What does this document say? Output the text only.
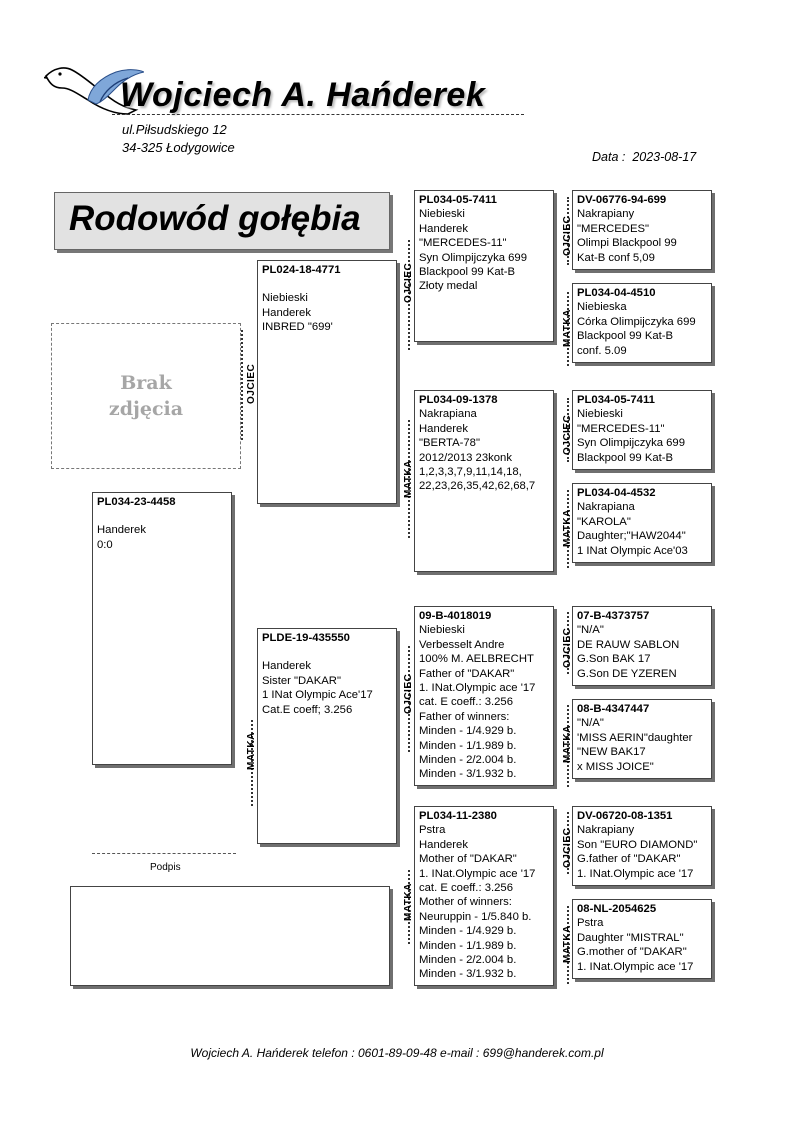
Wojciech A. Hańderek
ul.Piłsudskiego 12
34-325 Łodygowice
Data : 2023-08-17
Rodowód gołębia
Brak
zdjęcia
PL034-23-4458
Handerek
0:0
PL024-18-4771
Niebieski
Handerek
INBRED "699'
PLDE-19-435550
Handerek
Sister "DAKAR"
1 INat Olympic Ace'17
Cat.E coeff; 3.256
PL034-05-7411
Niebieski
Handerek
"MERCEDES-11"
Syn Olimpijczyka 699
Blackpool 99 Kat-B
Złoty medal
PL034-09-1378
Nakrapiana
Handerek
"BERTA-78"
2012/2013 23konk
1,2,3,3,7,9,11,14,18,
22,23,26,35,42,62,68,7
09-B-4018019
Niebieski
Verbesselt Andre
100% M. AELBRECHT
Father of "DAKAR"
1. INat.Olympic ace '17
cat. E coeff.: 3.256
Father of winners:
Minden - 1/4.929 b.
Minden - 1/1.989 b.
Minden - 2/2.004 b.
Minden - 3/1.932 b.
PL034-11-2380
Pstra
Handerek
Mother of "DAKAR"
1. INat.Olympic ace '17
cat. E coeff.: 3.256
Mother of winners:
Neuruppin - 1/5.840 b.
Minden - 1/4.929 b.
Minden - 1/1.989 b.
Minden - 2/2.004 b.
Minden - 3/1.932 b.
DV-06776-94-699
Nakrapiany
"MERCEDES"
Olimpi Blackpool 99
Kat-B conf 5,09
PL034-04-4510
Niebieska
Córka Olimpijczyka 699
Blackpool 99 Kat-B
conf. 5.09
PL034-05-7411
Niebieski
"MERCEDES-11"
Syn Olimpijczyka 699
Blackpool 99 Kat-B
PL034-04-4532
Nakrapiana
"KAROLA"
Daughter;"HAW2044"
1 INat Olympic Ace'03
07-B-4373757
"N/A"
DE RAUW SABLON
G.Son BAK 17
G.Son DE YZEREN
08-B-4347447
"N/A"
'MISS AERIN"daughter
"NEW BAK17
x MISS JOICE"
DV-06720-08-1351
Nakrapiany
Son "EURO DIAMOND"
G.father of "DAKAR"
1. INat.Olympic ace '17
08-NL-2054625
Pstra
Daughter "MISTRAL"
G.mother of "DAKAR"
1. INat.Olympic ace '17
OJCIEC
MATKA
OJCIEC
MATKA
OJCIEC
MATKA
OJCIEC
MATKA
OJCIEC
MATKA
OJCIEC
MATKA
OJCIEC
MATKA
Podpis
Wojciech A. Hańderek telefon : 0601-89-09-48 e-mail : 699@handerek.com.pl
